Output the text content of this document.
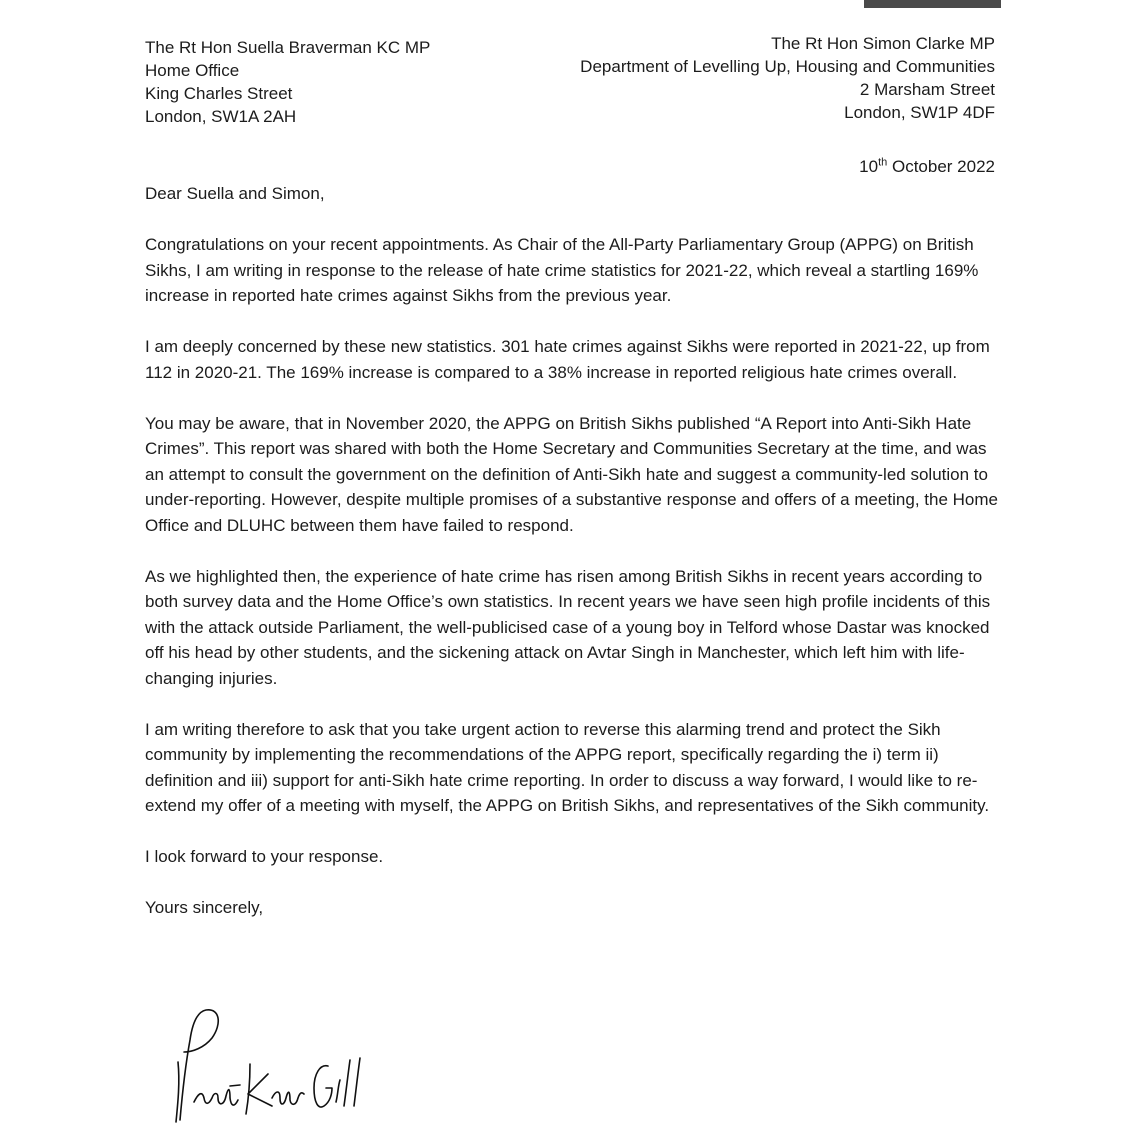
The Rt Hon Suella Braverman KC MP
Home Office
King Charles Street
London, SW1A 2AH
The Rt Hon Simon Clarke MP
Department of Levelling Up, Housing and Communities
2 Marsham Street
London, SW1P 4DF
10th October 2022

Dear Suella and Simon,

Congratulations on your recent appointments. As Chair of the All-Party Parliamentary Group (APPG) on British Sikhs, I am writing in response to the release of hate crime statistics for 2021-22, which reveal a startling 169% increase in reported hate crimes against Sikhs from the previous year.

I am deeply concerned by these new statistics. 301 hate crimes against Sikhs were reported in 2021-22, up from 112 in 2020-21. The 169% increase is compared to a 38% increase in reported religious hate crimes overall.

You may be aware, that in November 2020, the APPG on British Sikhs published “A Report into Anti-Sikh Hate Crimes”. This report was shared with both the Home Secretary and Communities Secretary at the time, and was an attempt to consult the government on the definition of Anti-Sikh hate and suggest a community-led solution to under-reporting. However, despite multiple promises of a substantive response and offers of a meeting, the Home Office and DLUHC between them have failed to respond.

As we highlighted then, the experience of hate crime has risen among British Sikhs in recent years according to both survey data and the Home Office’s own statistics. In recent years we have seen high profile incidents of this with the attack outside Parliament, the well-publicised case of a young boy in Telford whose Dastar was knocked off his head by other students, and the sickening attack on Avtar Singh in Manchester, which left him with life-changing injuries.

I am writing therefore to ask that you take urgent action to reverse this alarming trend and protect the Sikh community by implementing the recommendations of the APPG report, specifically regarding the i) term ii) definition and iii) support for anti-Sikh hate crime reporting. In order to discuss a way forward, I would like to re-extend my offer of a meeting with myself, the APPG on British Sikhs, and representatives of the Sikh community.

I look forward to your response.

Yours sincerely,
